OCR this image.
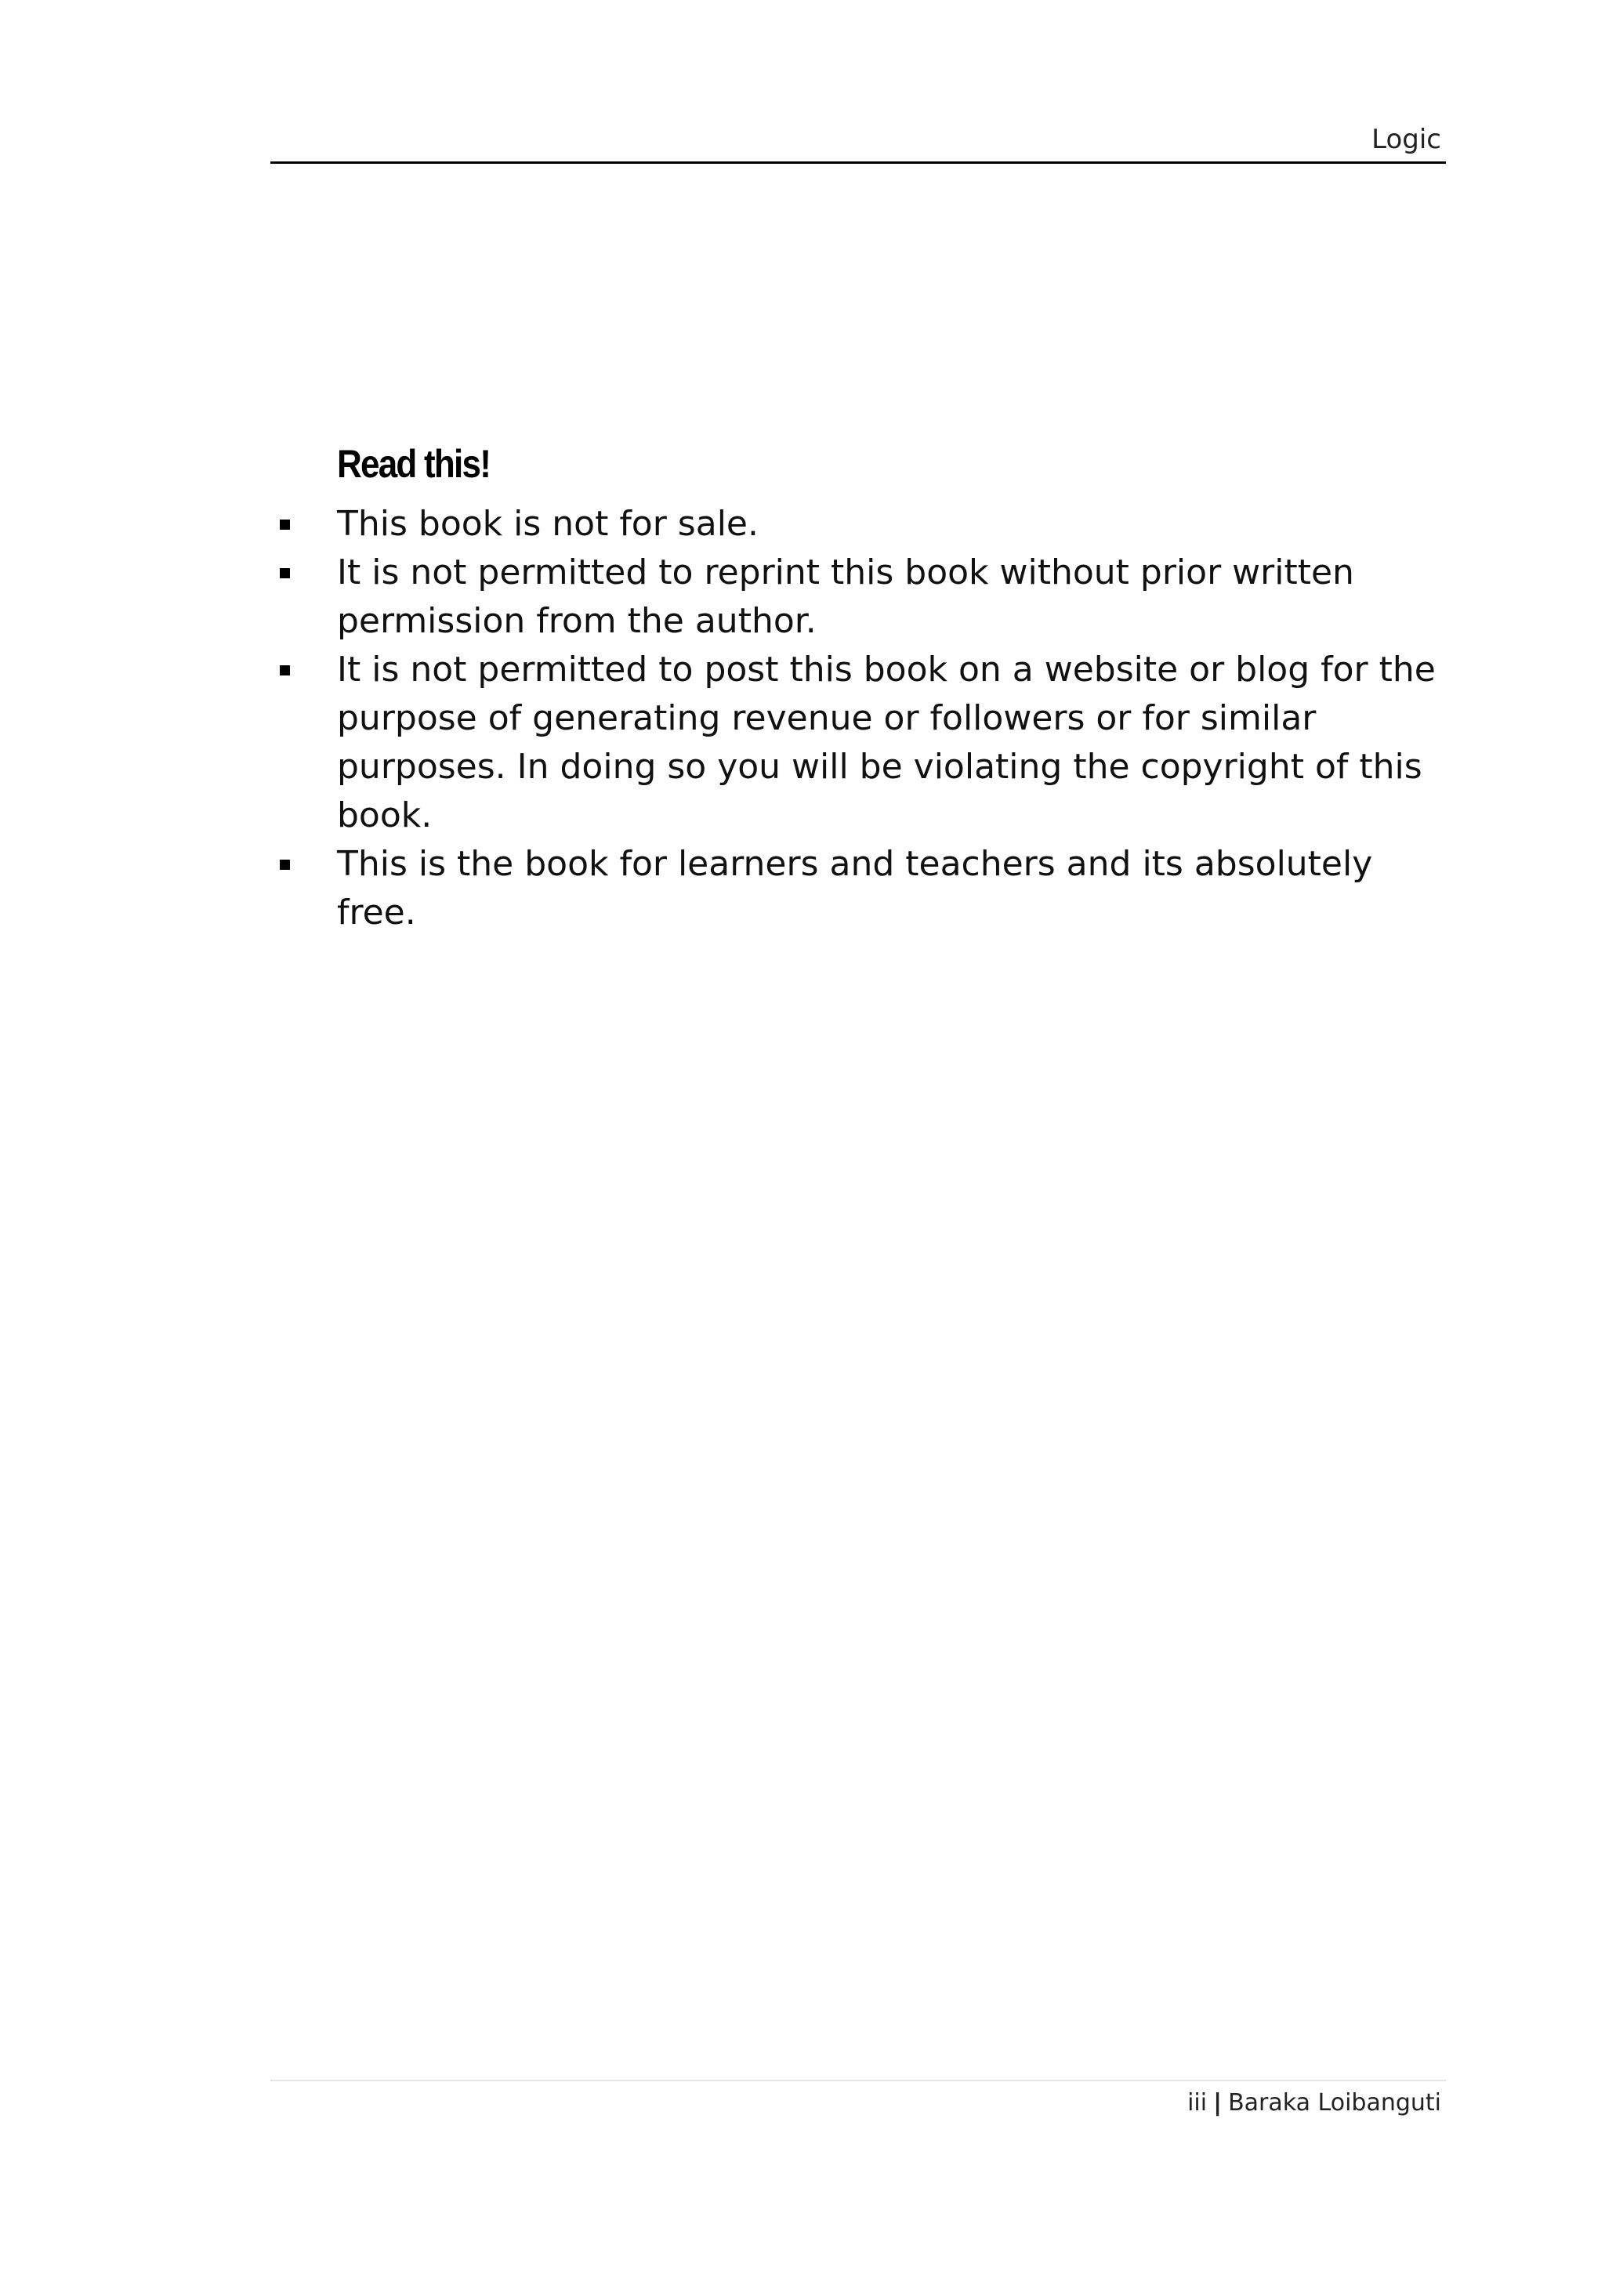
Logic
Read this!
This book is not for sale.
It is not permitted to reprint this book without prior written permission from the author.
It is not permitted to post this book on a website or blog for the purpose of generating revenue or followers or for similar purposes. In doing so you will be violating the copyright of this book.
This is the book for learners and teachers and its absolutely free.
iii | Baraka Loibanguti
